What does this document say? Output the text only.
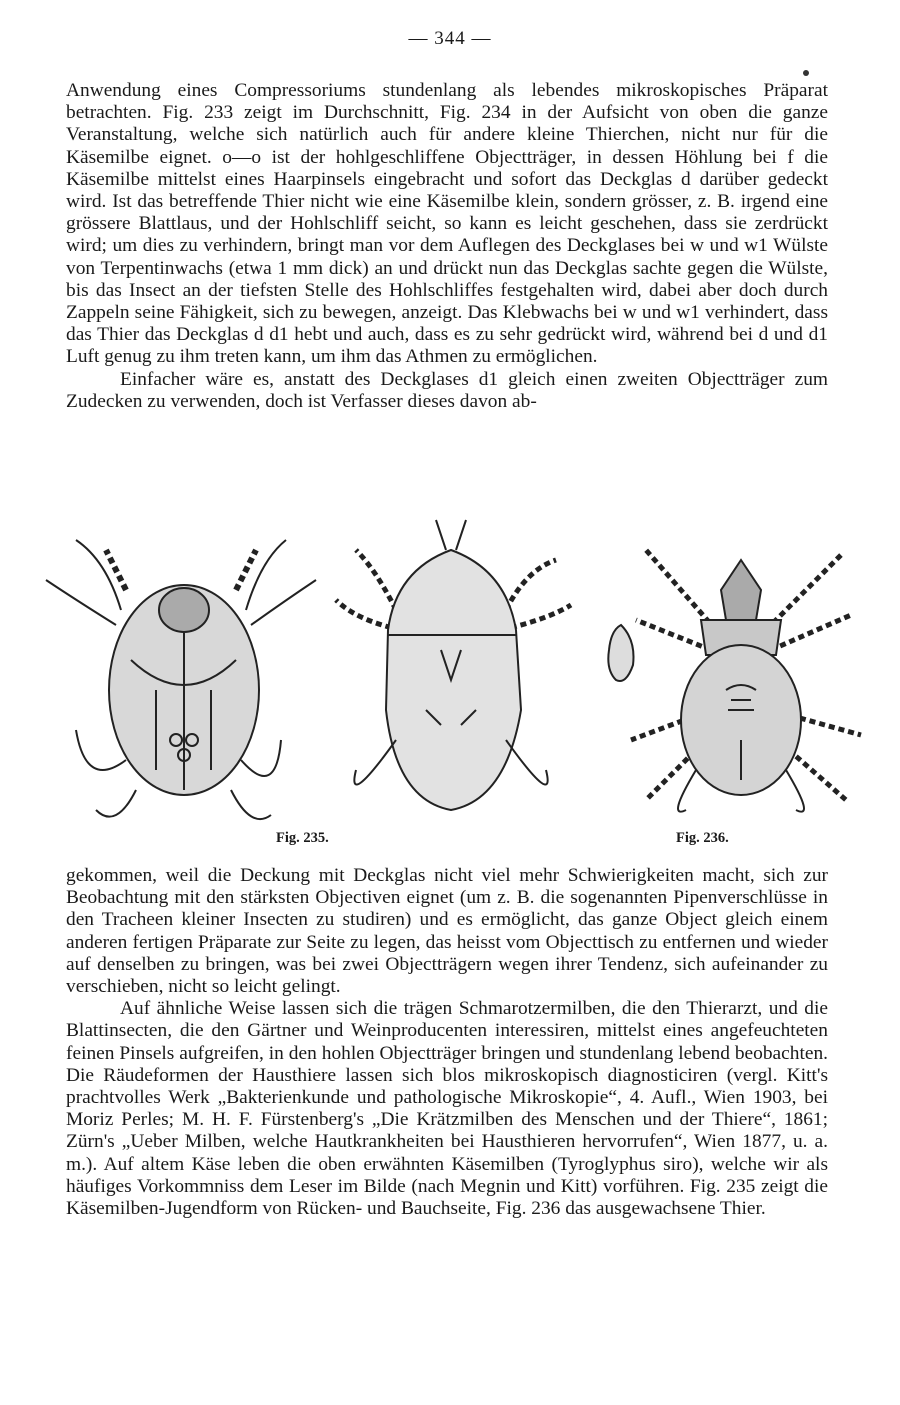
— 344 —

Anwendung eines Compressoriums stundenlang als lebendes mikroskopisches Präparat betrachten. Fig. 233 zeigt im Durchschnitt, Fig. 234 in der Aufsicht von oben die ganze Veranstaltung, welche sich natürlich auch für andere kleine Thierchen, nicht nur für die Käsemilbe eignet. o—o ist der hohlgeschliffene Objectträger, in dessen Höhlung bei f die Käsemilbe mittelst eines Haarpinsels eingebracht und sofort das Deckglas d darüber gedeckt wird. Ist das betreffende Thier nicht wie eine Käsemilbe klein, sondern grösser, z. B. irgend eine grössere Blattlaus, und der Hohlschliff seicht, so kann es leicht geschehen, dass sie zerdrückt wird; um dies zu verhindern, bringt man vor dem Auflegen des Deckglases bei w und w1 Wülste von Terpentinwachs (etwa 1 mm dick) an und drückt nun das Deckglas sachte gegen die Wülste, bis das Insect an der tiefsten Stelle des Hohlschliffes festgehalten wird, dabei aber doch durch Zappeln seine Fähigkeit, sich zu bewegen, anzeigt. Das Klebwachs bei w und w1 verhindert, dass das Thier das Deckglas d d1 hebt und auch, dass es zu sehr gedrückt wird, während bei d und d1 Luft genug zu ihm treten kann, um ihm das Athmen zu ermöglichen.

Einfacher wäre es, anstatt des Deckglases d1 gleich einen zweiten Objectträger zum Zudecken zu verwenden, doch ist Verfasser dieses davon ab-

Fig. 235.	Fig. 236.

gekommen, weil die Deckung mit Deckglas nicht viel mehr Schwierigkeiten macht, sich zur Beobachtung mit den stärksten Objectiven eignet (um z. B. die sogenannten Pipenverschlüsse in den Tracheen kleiner Insecten zu studiren) und es ermöglicht, das ganze Object gleich einem anderen fertigen Präparate zur Seite zu legen, das heisst vom Objecttisch zu entfernen und wieder auf denselben zu bringen, was bei zwei Objectträgern wegen ihrer Tendenz, sich aufeinander zu verschieben, nicht so leicht gelingt.

Auf ähnliche Weise lassen sich die trägen Schmarotzermilben, die den Thierarzt, und die Blattinsecten, die den Gärtner und Weinproducenten interessiren, mittelst eines angefeuchteten feinen Pinsels aufgreifen, in den hohlen Objectträger bringen und stundenlang lebend beobachten. Die Räudeformen der Hausthiere lassen sich blos mikroskopisch diagnosticiren (vergl. Kitt's prachtvolles Werk „Bakterienkunde und pathologische Mikroskopie“, 4. Aufl., Wien 1903, bei Moriz Perles; M. H. F. Fürstenberg's „Die Krätzmilben des Menschen und der Thiere“, 1861; Zürn's „Ueber Milben, welche Hautkrankheiten bei Hausthieren hervorrufen“, Wien 1877, u. a. m.). Auf altem Käse leben die oben erwähnten Käsemilben (Tyroglyphus siro), welche wir als häufiges Vorkommniss dem Leser im Bilde (nach Megnin und Kitt) vorführen. Fig. 235 zeigt die Käsemilben-Jugendform von Rücken- und Bauchseite, Fig. 236 das ausgewachsene Thier.
